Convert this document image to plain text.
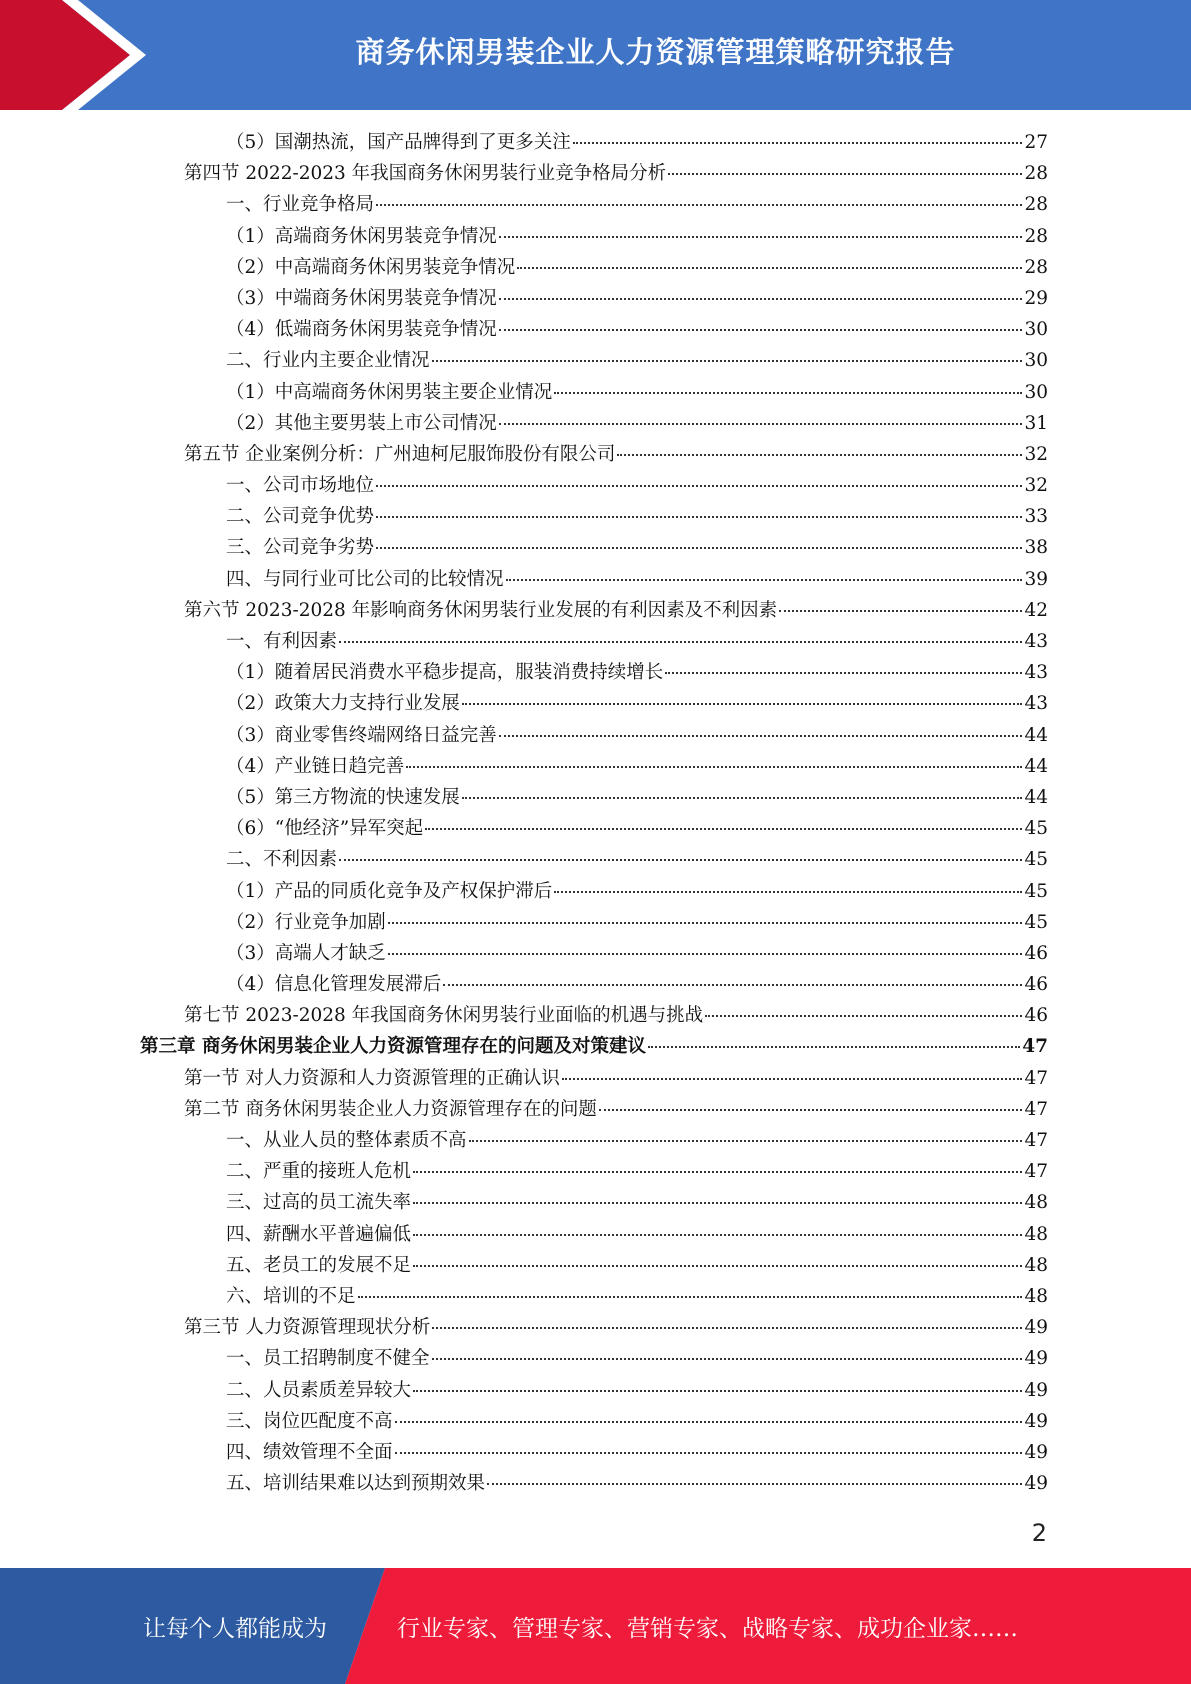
商务休闲男装企业人力资源管理策略研究报告
（5）国潮热流，国产品牌得到了更多关注	27
第四节 2022-2023 年我国商务休闲男装行业竞争格局分析	28
一、行业竞争格局	28
（1）高端商务休闲男装竞争情况	28
（2）中高端商务休闲男装竞争情况	28
（3）中端商务休闲男装竞争情况	29
（4）低端商务休闲男装竞争情况	30
二、行业内主要企业情况	30
（1）中高端商务休闲男装主要企业情况	30
（2）其他主要男装上市公司情况	31
第五节 企业案例分析：广州迪柯尼服饰股份有限公司	32
一、公司市场地位	32
二、公司竞争优势	33
三、公司竞争劣势	38
四、与同行业可比公司的比较情况	39
第六节 2023-2028 年影响商务休闲男装行业发展的有利因素及不利因素	42
一、有利因素	43
（1）随着居民消费水平稳步提高，服装消费持续增长	43
（2）政策大力支持行业发展	43
（3）商业零售终端网络日益完善	44
（4）产业链日趋完善	44
（5）第三方物流的快速发展	44
（6）“他经济”异军突起	45
二、不利因素	45
（1）产品的同质化竞争及产权保护滞后	45
（2）行业竞争加剧	45
（3）高端人才缺乏	46
（4）信息化管理发展滞后	46
第七节 2023-2028 年我国商务休闲男装行业面临的机遇与挑战	46
第三章 商务休闲男装企业人力资源管理存在的问题及对策建议	47
第一节 对人力资源和人力资源管理的正确认识	47
第二节 商务休闲男装企业人力资源管理存在的问题	47
一、从业人员的整体素质不高	47
二、严重的接班人危机	47
三、过高的员工流失率	48
四、薪酬水平普遍偏低	48
五、老员工的发展不足	48
六、培训的不足	48
第三节 人力资源管理现状分析	49
一、员工招聘制度不健全	49
二、人员素质差异较大	49
三、岗位匹配度不高	49
四、绩效管理不全面	49
五、培训结果难以达到预期效果	49
2
让每个人都能成为	行业专家、管理专家、营销专家、战略专家、成功企业家……
